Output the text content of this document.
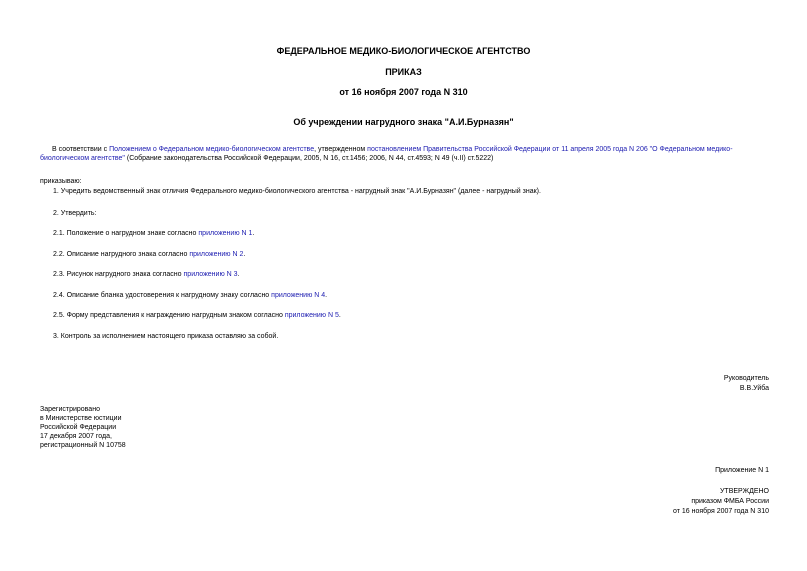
ФЕДЕРАЛЬНОЕ МЕДИКО-БИОЛОГИЧЕСКОЕ АГЕНТСТВО
ПРИКАЗ
от 16 ноября 2007 года N 310
Об учреждении нагрудного знака "А.И.Бурназян"
В соответствии с Положением о Федеральном медико-биологическом агентстве, утвержденном постановлением Правительства Российской Федерации от 11 апреля 2005 года N 206 "О Федеральном медико-биологическом агентстве" (Собрание законодательства Российской Федерации, 2005, N 16, ст.1456; 2006, N 44, ст.4593; N 49 (ч.II) ст.5222)
приказываю:
1. Учредить ведомственный знак отличия Федерального медико-биологического агентства - нагрудный знак "А.И.Бурназян" (далее - нагрудный знак).
2. Утвердить:
2.1. Положение о нагрудном знаке согласно приложению N 1.
2.2. Описание нагрудного знака согласно приложению N 2.
2.3. Рисунок нагрудного знака согласно приложению N 3.
2.4. Описание бланка удостоверения к нагрудному знаку согласно приложению N 4.
2.5. Форму представления к награждению нагрудным знаком согласно приложению N 5.
3. Контроль за исполнением настоящего приказа оставляю за собой.
Руководитель
В.В.Уйба
Зарегистрировано
в Министерстве юстиции
Российской Федерации
17 декабря 2007 года,
регистрационный N 10758
Приложение N 1
УТВЕРЖДЕНО
приказом ФМБА России
от 16 ноября 2007 года N 310
